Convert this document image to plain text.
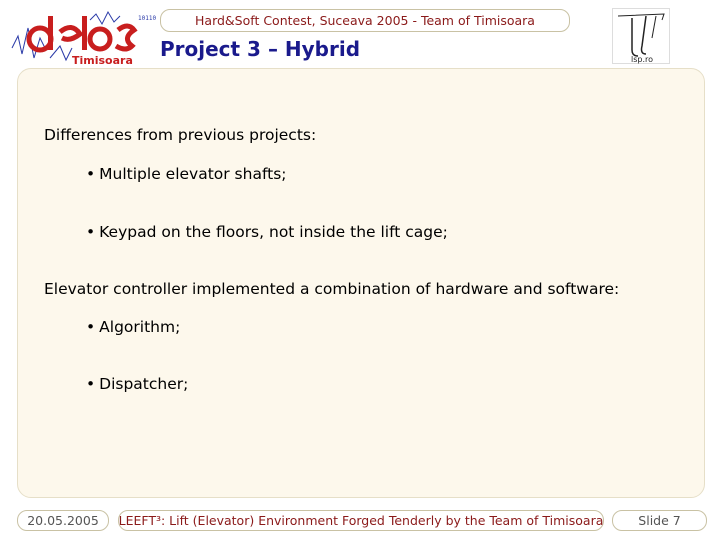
10110
Timisoara
Hard&Soft Contest, Suceava 2005 - Team of Timisoara
Project 3 – Hybrid	lsp.ro
Differences from previous projects:
• Multiple elevator shafts;
• Keypad on the floors, not inside the lift cage;
Elevator controller implemented a combination of hardware and software:
• Algorithm;
• Dispatcher;
20.05.2005	LEEFT³: Lift (Elevator) Environment Forged Tenderly by the Team of Timisoara	Slide 7
